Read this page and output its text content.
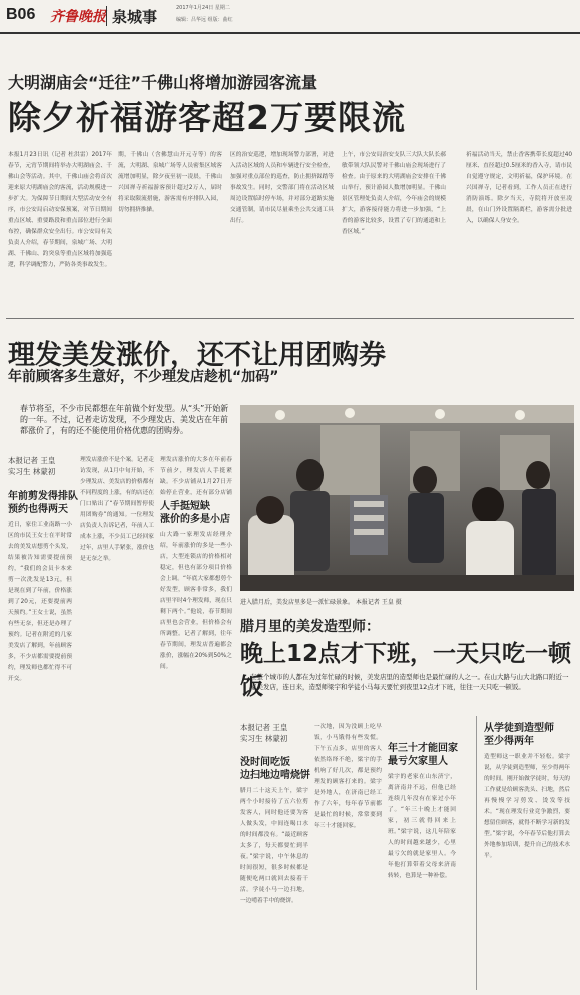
B06 齐鲁晚报 泉城事	2017年1月24日 星期二
编辑：吕华远 组版：曲红
大明湖庙会“迁往”千佛山将增加游园客流量
除夕祈福游客超2万要限流
本报1月23日讯（记者 杜洪雷）2017年春节，元宵节期间将举办大明湖庙会、千佛山会等活动。其中，千佛山庙会将首次迎来原大明湖庙会的客流，活动规模进一步扩大。为保障节日期间大型活动安全有序，市公安局启动安保预案，对节日期间重点区域、重要路段和重点部位进行全面布控，确保群众安全出行。市公安局有关负责人介绍，春节期间，泉城广场、大明湖、千佛山、趵突泉等重点区域将加强巡逻，科学调配警力，严防各类事故发生。
期，千佛山（含佛慧山开元寺等）的客流，大明湖、泉城广场等人员密集区域客流增加明显，除夕夜至初一凌晨，千佛山兴国禅寺祈福游客预计超过2万人，届时将采取限流措施，游客需有序排队入园，切勿拥挤推搡。
区的治安巡逻，增加现场警力部署，对进入活动区域的人员和车辆进行安全检查，加强对重点部位的巡查，防止拥挤踩踏等事故发生。同时，交警部门将在活动区域周边设置临时停车场，并对部分道路实施交通管制，请市民尽量乘坐公共交通工具出行。
上午，市公安局治安支队三大队大队长郝敏带领大队民警对千佛山庙会现场进行了检查。由于原来的大明湖庙会安排在千佛山举行，预计游园人数增加明显。千佛山景区管理处负责人介绍，今年庙会的规模扩大，游客接待能力将进一步加强，“上香的游客比较多，设置了专门的通道和上香区域。”
祈福活动当天，禁止香客携带长度超过40厘米、直径超过0.5厘米的香入寺，请市民自觉遵守规定，文明祈福，保护环境。在兴国禅寺，记者看到，工作人员正在进行消防演练。除夕当天，寺院将开放至凌晨，在山门外设置隔离栏，游客需分批进入，以确保人身安全。
理发美发涨价，还不让用团购券
年前顾客多生意好，不少理发店趁机“加码”
春节将至，不少市民都想在年前做个好发型。从“头”开始新的一年。不过，记者走访发现，不少理发店、美发店在年前都涨价了，有的还不能使用价格优惠的团购券。
本报记者 王皇
实习生 林蒙初
年前剪发得排队
预约也得两天
近日，家住工业南路一小区的市民王女士在平时常去的美发店想剪个头发，结果被告知需要提前预约，“我们的会员卡本来剪一次洗发是13元，但是现在到了年前，价格涨到了20元，还要提前两天预约。”王女士说，虽然有些无奈，但还是办理了预约。记者在附近的几家美发店了解到，年前顾客多，不少店都需要提前预约，理发师也都忙得不可开交。
理发店涨价不是个案。记者走访发现，从1月中旬开始，不少理发店、美发店的价格都有不同程度的上涨，有的店还在门口贴出了“春节期间暂停使用团购券”的通知。一位理发店负责人告诉记者，年前人工成本上涨，不少员工已经回家过年，店里人手紧张，涨价也是无奈之举。
理发店涨价的大多在年前春节前夕，理发店人手挺紧缺。不少店铺从1月27日开始停止营业，还有部分店铺
人手挺短缺
涨价的多是小店
山大路一家理发店经理介绍，年前涨价的多是一些小店，大型连锁店的价格相对稳定，但也有部分项目价格会上调。“年底大家都想剪个好发型，顾客非常多，我们店里平时4个理发师，现在只剩下两个。”他说，春节期间店里也会营业，但价格会有所调整。记者了解到，往年春节期间，理发店普遍都会涨价，涨幅在20%到50%之间。
进入腊月后，美发店里多是一派忙碌景象。 本报记者 王皇 摄
腊月里的美发造型师：
晚上12点才下班，一天只吃一顿饭
在整个城市的人都在为过年忙碌的时候，美发店里的造型师也是最忙碌的人之一。在山大路与山大北路口附近一家美发店，连日来，造型师梁宇和学徒小马每天要忙到夜里12点才下班，往往一天只吃一顿饭。
本报记者 王皇
实习生 林蒙初
没时间吃饭
边扫地边啃烧饼
腊月二十这天上午，梁宇两个小时接待了五六位剪发客人，同时他还要为客人做头发，中间连喝口水的时间都没有。“最近顾客太多了，每天都要忙到半夜。”梁宇说，中午休息的时间很短，很多时候都是随便吃两口就回去接着干活。学徒小马一边扫地，一边啃着手中的烧饼。
一次地，因为没顾上吃早饭，小马饿得有些发慌。下午五点多，店里的客人依然络绎不绝，梁宇的手机响了好几次，都是预约理发的顾客打来的。梁宇是外地人，在济南已经工作了六年，每年春节前都是最忙的时候，常常要到年三十才能回家。
年三十才能回家
最亏欠家里人
梁宇的老家在山东济宁，离济南并不远，但他已经连续几年没有在家过小年了。“年三十晚上才能回家，初三就得回来上班。”梁宇说，这几年陪家人的时间越来越少，心里最亏欠的就是家里人。今年他打算带着父母来济南转转，也算是一种补偿。
从学徒到造型师
至少得两年
造型师这一职业并不轻松。梁宇说，从学徒到造型师，至少得两年的时间。刚开始做学徒时，每天的工作就是给顾客洗头、扫地，然后再慢慢学习剪发、烫发等技术。“现在理发行业竞争激烈，要想留住顾客，就得不断学习新的发型。”梁宇说，今年春节后他打算去外地参加培训，提升自己的技术水平。
